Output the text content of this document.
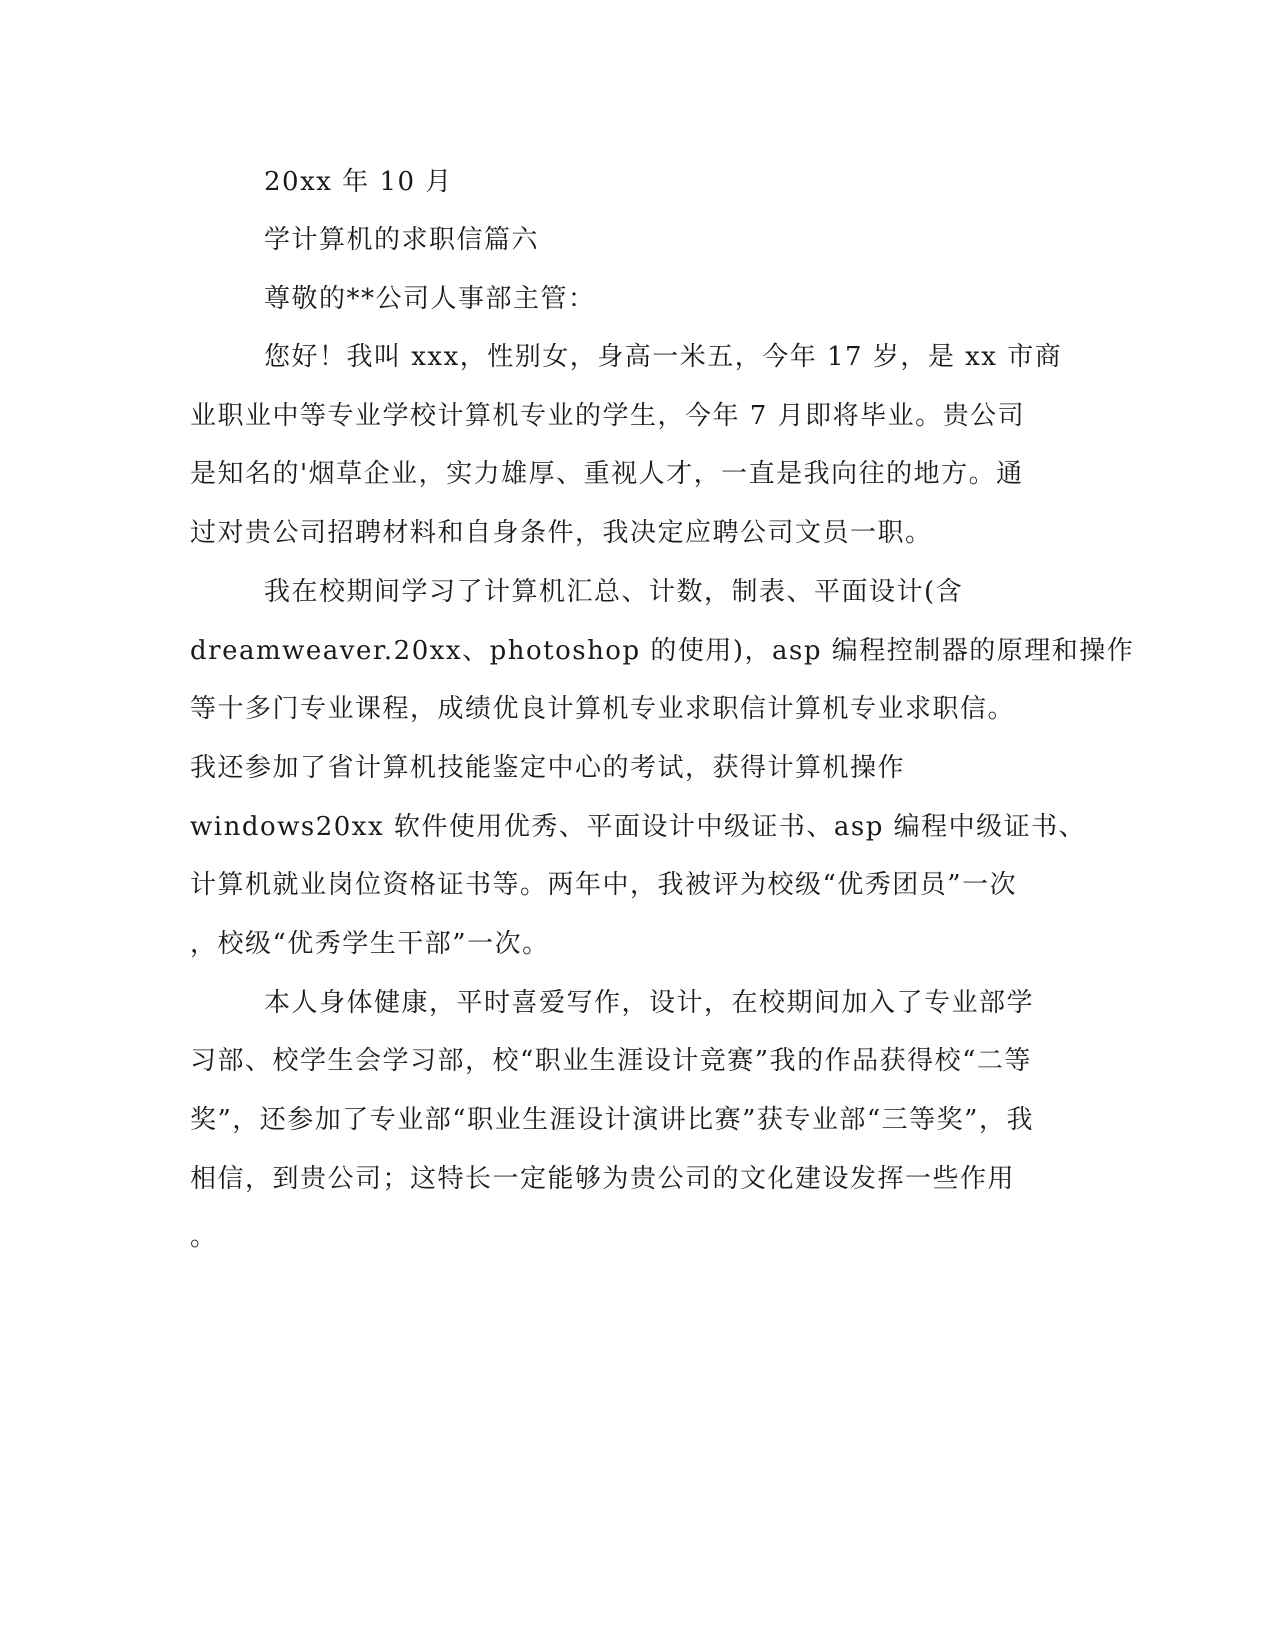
20xx 年 10 月
学计算机的求职信篇六
尊敬的**公司人事部主管：
您好！我叫 xxx，性别女，身高一米五，今年 17 岁，是 xx 市商
业职业中等专业学校计算机专业的学生，今年 7 月即将毕业。贵公司
是知名的'烟草企业，实力雄厚、重视人才，一直是我向往的地方。通
过对贵公司招聘材料和自身条件，我决定应聘公司文员一职。
我在校期间学习了计算机汇总、计数，制表、平面设计(含
dreamweaver.20xx、photoshop 的使用)，asp 编程控制器的原理和操作
等十多门专业课程，成绩优良计算机专业求职信计算机专业求职信。
我还参加了省计算机技能鉴定中心的考试，获得计算机操作
windows20xx 软件使用优秀、平面设计中级证书、asp 编程中级证书、
计算机就业岗位资格证书等。两年中，我被评为校级“优秀团员”一次
，校级“优秀学生干部”一次。
本人身体健康，平时喜爱写作，设计，在校期间加入了专业部学
习部、校学生会学习部，校“职业生涯设计竞赛”我的作品获得校“二等
奖”，还参加了专业部“职业生涯设计演讲比赛”获专业部“三等奖”，我
相信，到贵公司；这特长一定能够为贵公司的文化建设发挥一些作用
。
